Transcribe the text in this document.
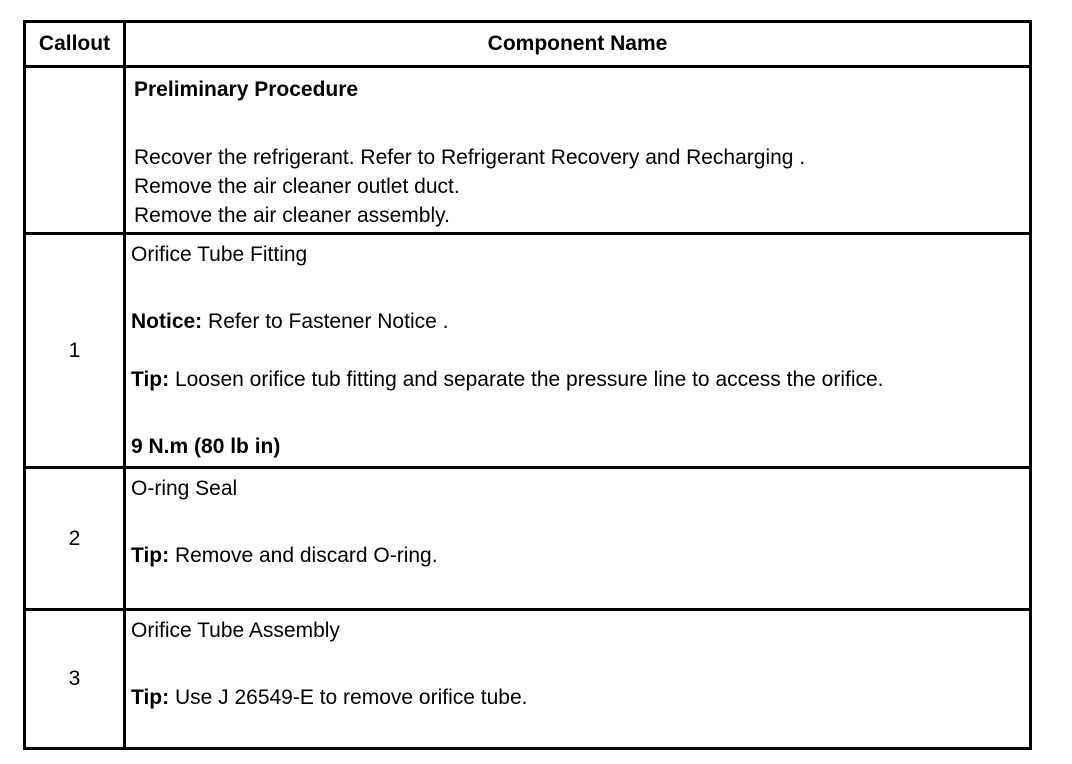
Callout	Component Name
Preliminary Procedure
Recover the refrigerant. Refer to Refrigerant Recovery and Recharging .
Remove the air cleaner outlet duct.
Remove the air cleaner assembly.
1
Orifice Tube Fitting
Notice: Refer to Fastener Notice .
Tip: Loosen orifice tub fitting and separate the pressure line to access the orifice.
9 N.m (80 lb in)
2
O-ring Seal
Tip: Remove and discard O-ring.
3
Orifice Tube Assembly
Tip: Use J 26549-E to remove orifice tube.
